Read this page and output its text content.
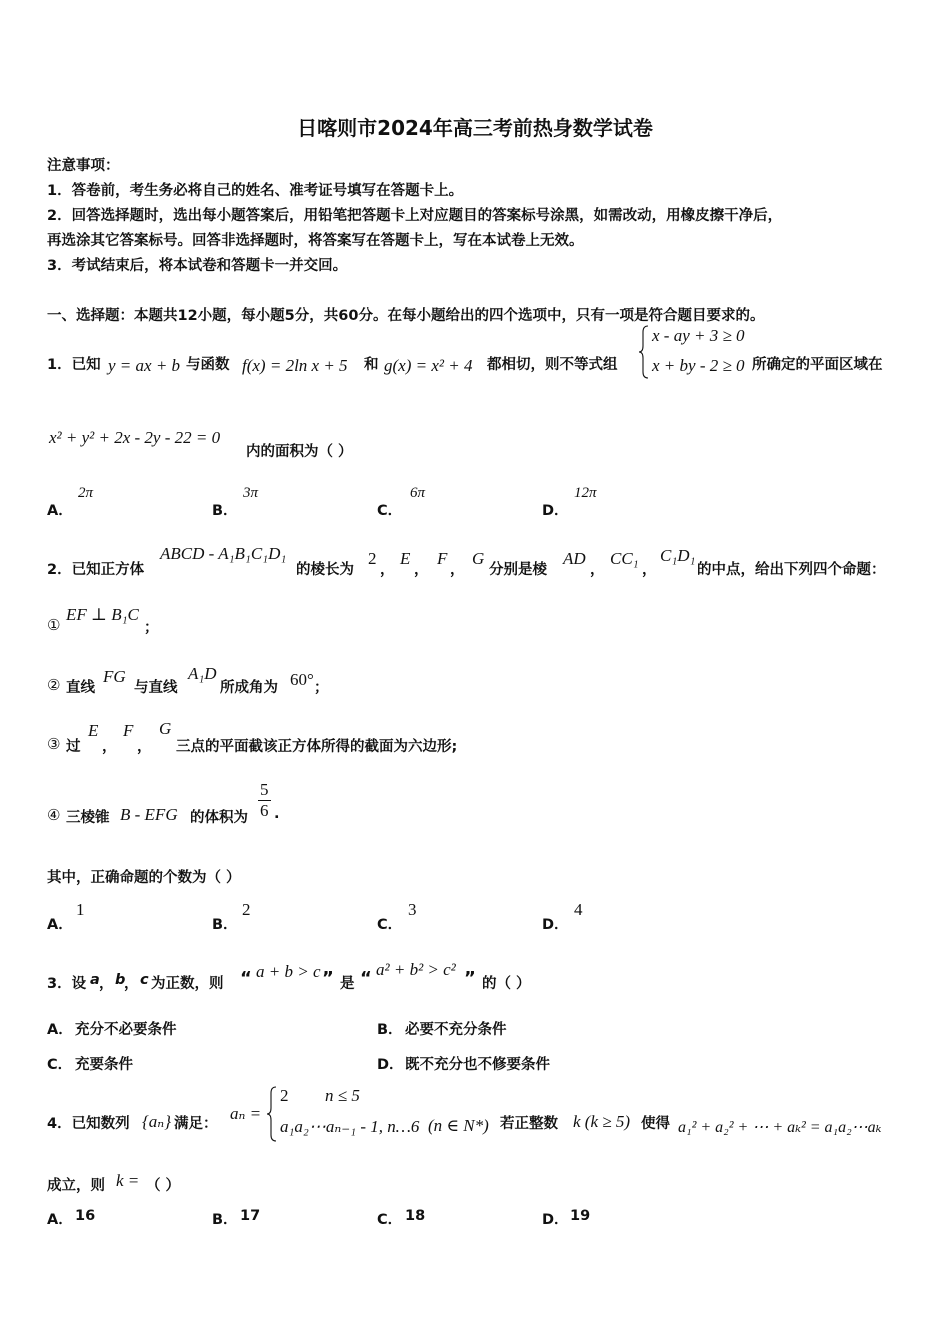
日喀则市2024年高三考前热身数学试卷
注意事项：
1．答卷前，考生务必将自己的姓名、准考证号填写在答题卡上。
2．回答选择题时，选出每小题答案后，用铅笔把答题卡上对应题目的答案标号涂黑，如需改动，用橡皮擦干净后，
再选涂其它答案标号。回答非选择题时，将答案写在答题卡上，写在本试卷上无效。
3．考试结束后，将本试卷和答题卡一并交回。
一、选择题：本题共12小题，每小题5分，共60分。在每小题给出的四个选项中，只有一项是符合题目要求的。
1．已知 y = ax + b 与函数 f(x) = 2ln x + 5 和 g(x) = x² + 4 都相切，则不等式组
x - ay + 3 ≥ 0
x + by - 2 ≥ 0 所确定的平面区域在
x² + y² + 2x - 2y - 22 = 0
内的面积为（ ）
A．
2π
B．
3π
C．
6π
D．
12π
2．已知正方体
ABCD - A₁B₁C₁D₁
的棱长为
2
，
E
，
F
，
G
分别是棱
AD
，
CC₁
，
C₁D₁
的中点，给出下列四个命题：
①
EF ⊥ B₁C
；
② 直线
FG
与直线
A₁D
所成角为 60° ；
③ 过
E
，
F
，
G
三点的平面截该正方体所得的截面为六边形;
④ 三棱锥 B - EFG 的体积为 $\frac{5}{6}$ .
其中，正确命题的个数为（ ）
A．
1
B．
2
C．
3
D．
4
3．设 a ， b
， c 为正数，则 “ a + b > c ” 是 “ a² + b² > c² ” 的（ ）
A． 充分不必要条件	B． 必要不充分条件
C． 充要条件	D． 既不充分也不修要条件
4．已知数列 {aₙ} 满足：
aₙ =
2 n ≤ 5
a₁a₂⋯aₙ₋₁ - 1, n…6 (n ∈ N*) 若正整数 k (k ≥ 5) 使得 a₁² + a₂² + ⋯ + aₖ² = a₁a₂⋯aₖ
成立，则 k = （ ）
A． 16	B． 17	C． 18	D． 19
